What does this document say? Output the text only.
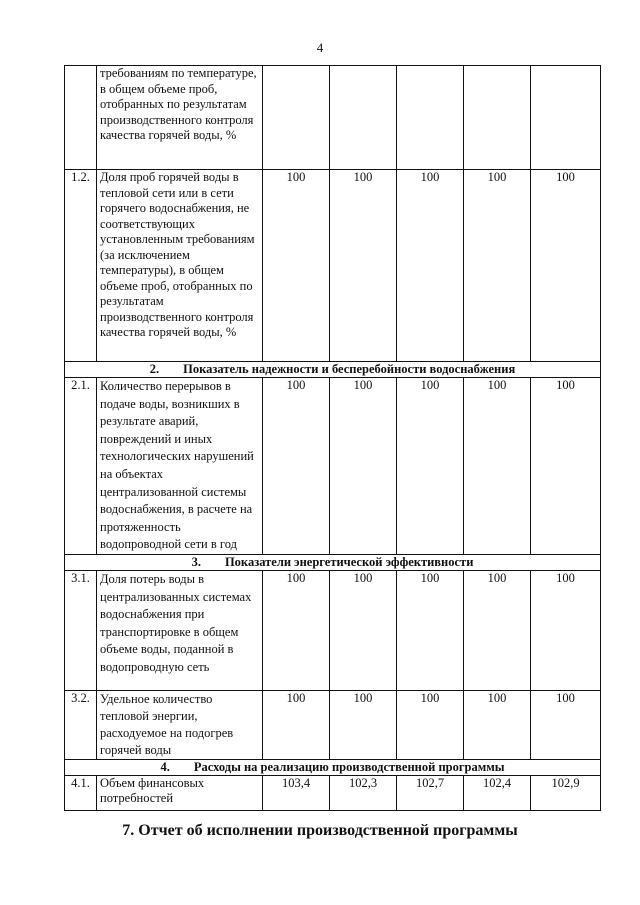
4
	требованиям по температуре, в общем объеме проб, отобранных по результатам производственного контроля качества горячей воды, %					
1.2.	Доля проб горячей воды в тепловой сети или в сети горячего водоснабжения, не соответствующих установленным требованиям (за исключением температуры), в общем объеме проб, отобранных по результатам производственного контроля качества горячей воды, %	100	100	100	100	100
2. Показатель надежности и бесперебойности водоснабжения						
2.1.	Количество перерывов в подаче воды, возникших в результате аварий, повреждений и иных технологических нарушений на объектах централизованной системы водоснабжения, в расчете на протяженность водопроводной сети в год	100	100	100	100	100
3. Показатели энергетической эффективности						
3.1.	Доля потерь воды в централизованных системах водоснабжения при транспортировке в общем объеме воды, поданной в водопроводную сеть	100	100	100	100	100
3.2.	Удельное количество тепловой энергии, расходуемое на подогрев горячей воды	100	100	100	100	100
4. Расходы на реализацию производственной программы						
4.1.	Объем финансовых потребностей	103,4	102,3	102,7	102,4	102,9
7. Отчет об исполнении производственной программы
